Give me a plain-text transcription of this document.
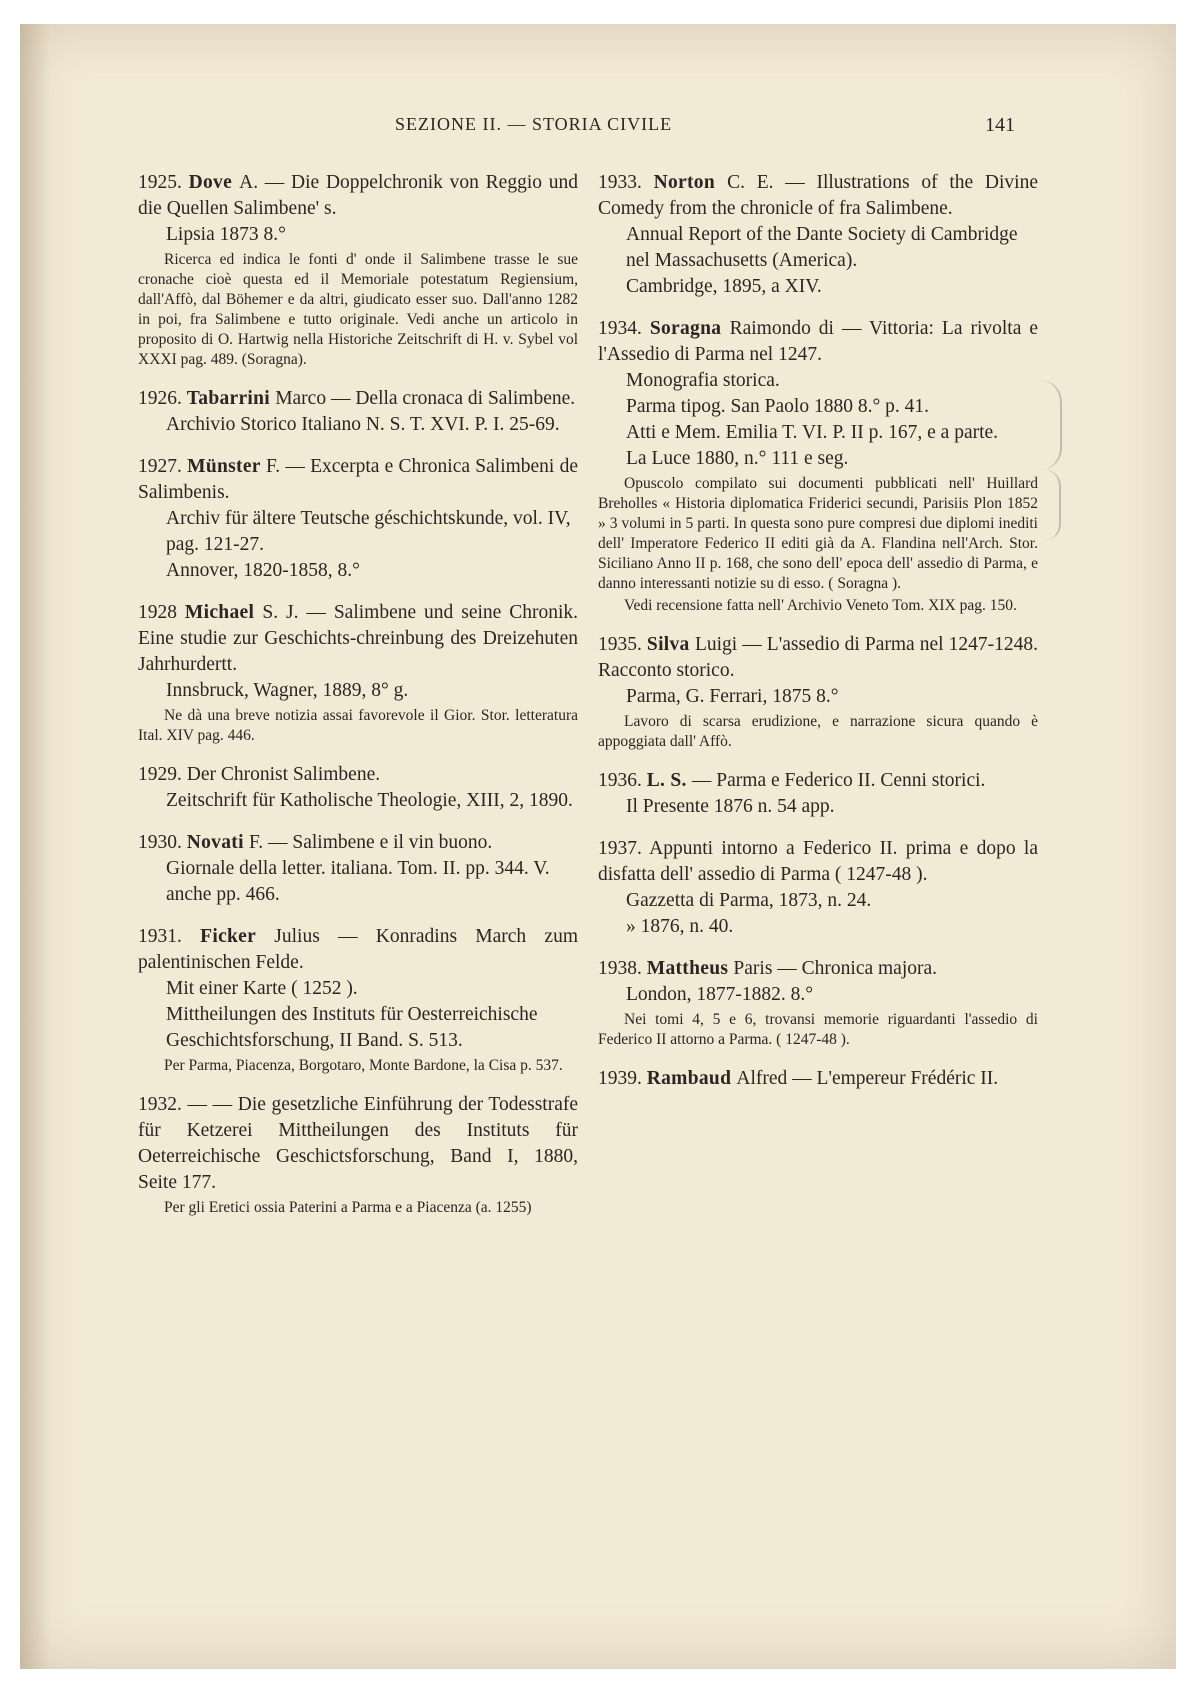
SEZIONE II. — STORIA CIVILE	141
1925. Dove A. — Die Doppelchronik von Reggio und die Quellen Salimbene' s.
Lipsia 1873 8.°
Ricerca ed indica le fonti d' onde il Salimbene trasse le sue cronache cioè questa ed il Memoriale potestatum Regiensium, dall'Affò, dal Böhemer e da altri, giudicato esser suo. Dall'anno 1282 in poi, fra Salimbene e tutto originale. Vedi anche un articolo in proposito di O. Hartwig nella Historiche Zeitschrift di H. v. Sybel vol XXXI pag. 489. (Soragna).
1926. Tabarrini Marco — Della cronaca di Salimbene.
Archivio Storico Italiano N. S. T. XVI. P. I. 25-69.
1927. Münster F. — Excerpta e Chronica Salimbeni de Salimbenis.
Archiv für ältere Teutsche géschichtskunde, vol. IV, pag. 121-27.
Annover, 1820-1858, 8.°
1928 Michael S. J. — Salimbene und seine Chronik. Eine studie zur Geschichts-chreinbung des Dreizehuten Jahrhurdertt.
Innsbruck, Wagner, 1889, 8° g.
Ne dà una breve notizia assai favorevole il Gior. Stor. letteratura Ital. XIV pag. 446.
1929. Der Chronist Salimbene.
Zeitschrift für Katholische Theologie, XIII, 2, 1890.
1930. Novati F. — Salimbene e il vin buono.
Giornale della letter. italiana. Tom. II. pp. 344. V. anche pp. 466.
1931. Ficker Julius — Konradins March zum palentinischen Felde.
Mit einer Karte ( 1252 ).
Mittheilungen des Instituts für Oesterreichische Geschichtsforschung, II Band. S. 513.
Per Parma, Piacenza, Borgotaro, Monte Bardone, la Cisa p. 537.
1932. — — Die gesetzliche Einführung der Todesstrafe für Ketzerei Mittheilungen des Instituts für Oeterreichische Geschictsforschung, Band I, 1880, Seite 177.
Per gli Eretici ossia Paterini a Parma e a Piacenza (a. 1255)
1933. Norton C. E. — Illustrations of the Divine Comedy from the chronicle of fra Salimbene.
Annual Report of the Dante Society di Cambridge nel Massachusetts (America).
Cambridge, 1895, a XIV.
1934. Soragna Raimondo di — Vittoria: La rivolta e l'Assedio di Parma nel 1247.
Monografia storica.
Parma tipog. San Paolo 1880 8.° p. 41.
Atti e Mem. Emilia T. VI. P. II p. 167, e a parte.
La Luce 1880, n.° 111 e seg.
Opuscolo compilato sui documenti pubblicati nell' Huillard Breholles « Historia diplomatica Friderici secundi, Parisiis Plon 1852 » 3 volumi in 5 parti. In questa sono pure compresi due diplomi inediti dell' Imperatore Federico II editi già da A. Flandina nell'Arch. Stor. Siciliano Anno II p. 168, che sono dell' epoca dell' assedio di Parma, e danno interessanti notizie su di esso. ( Soragna ).
Vedi recensione fatta nell' Archivio Veneto Tom. XIX pag. 150.
1935. Silva Luigi — L'assedio di Parma nel 1247-1248. Racconto storico.
Parma, G. Ferrari, 1875 8.°
Lavoro di scarsa erudizione, e narrazione sicura quando è appoggiata dall' Affò.
1936. L. S. — Parma e Federico II. Cenni storici.
Il Presente 1876 n. 54 app.
1937. Appunti intorno a Federico II. prima e dopo la disfatta dell' assedio di Parma ( 1247-48 ).
Gazzetta di Parma, 1873, n. 24.
» 1876, n. 40.
1938. Mattheus Paris — Chronica majora.
London, 1877-1882. 8.°
Nei tomi 4, 5 e 6, trovansi memorie riguardanti l'assedio di Federico II attorno a Parma. ( 1247-48 ).
1939. Rambaud Alfred — L'empereur Frédéric II.
